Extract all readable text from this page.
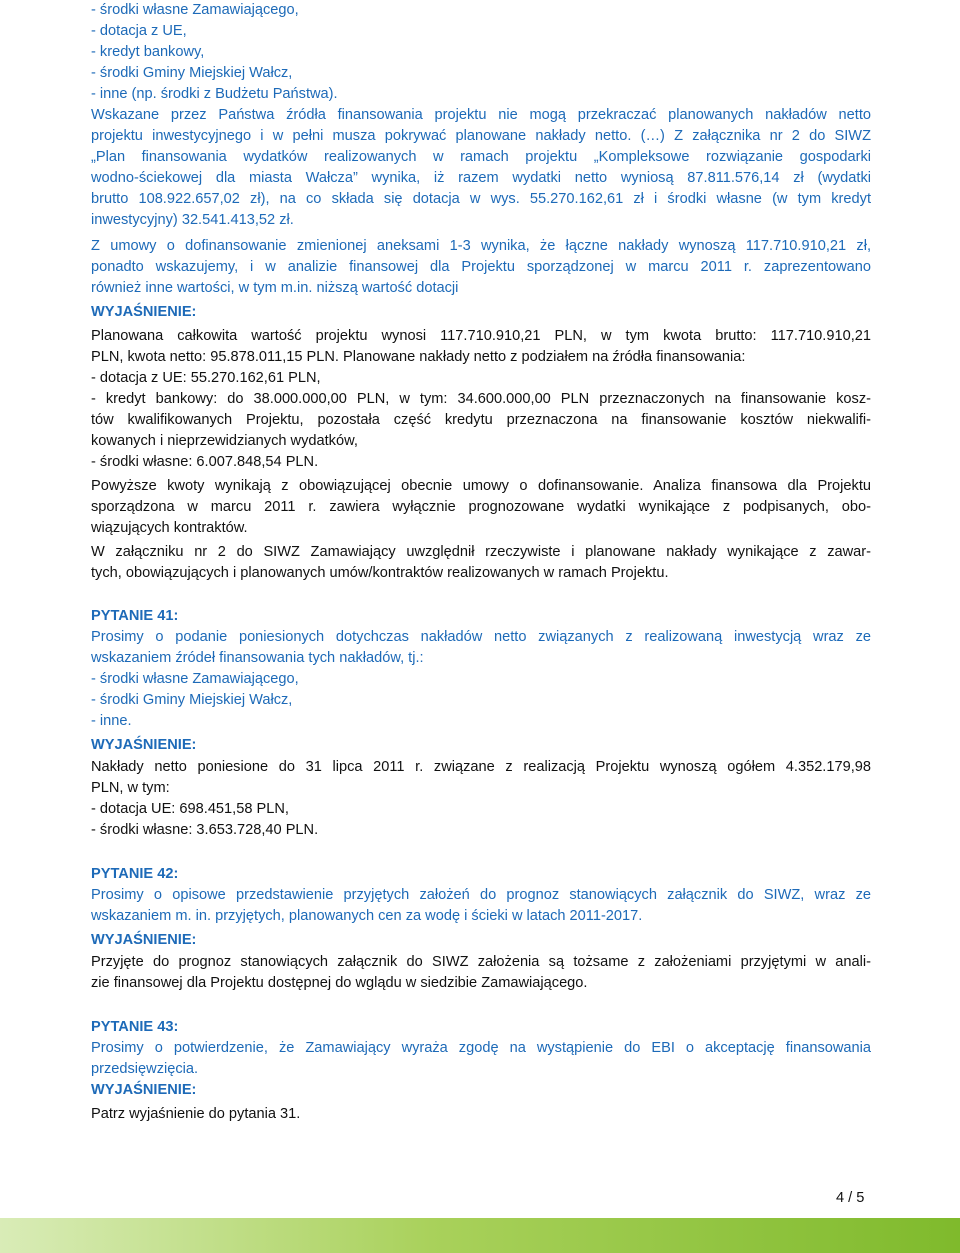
- środki własne Zamawiającego,
- dotacja z UE,
- kredyt bankowy,
- środki Gminy Miejskiej Wałcz,
- inne (np. środki z Budżetu Państwa).
Wskazane przez Państwa źródła finansowania projektu nie mogą przekraczać planowanych nakładów netto
projektu inwestycyjnego i w pełni musza pokrywać planowane nakłady netto. (…) Z załącznika nr 2 do SIWZ
„Plan finansowania wydatków realizowanych w ramach projektu „Kompleksowe rozwiązanie gospodarki
wodno-ściekowej dla miasta Wałcza” wynika, iż razem wydatki netto wyniosą 87.811.576,14 zł (wydatki
brutto 108.922.657,02 zł), na co składa się dotacja w wys. 55.270.162,61 zł i środki własne (w tym kredyt
inwestycyjny) 32.541.413,52 zł.
Z umowy o dofinansowanie zmienionej aneksami 1-3 wynika, że łączne nakłady wynoszą 117.710.910,21 zł,
ponadto wskazujemy, i w analizie finansowej dla Projektu sporządzonej w marcu 2011 r. zaprezentowano
również inne wartości, w tym m.in. niższą wartość dotacji
WYJAŚNIENIE:
Planowana całkowita wartość projektu wynosi 117.710.910,21 PLN, w tym kwota brutto: 117.710.910,21
PLN, kwota netto: 95.878.011,15 PLN. Planowane nakłady netto z podziałem na źródła finansowania:
- dotacja z UE: 55.270.162,61 PLN,
- kredyt bankowy: do 38.000.000,00 PLN, w tym: 34.600.000,00 PLN przeznaczonych na finansowanie kosz-
tów kwalifikowanych Projektu, pozostała część kredytu przeznaczona na finansowanie kosztów niekwalifi-
kowanych i nieprzewidzianych wydatków,
- środki własne: 6.007.848,54 PLN.
Powyższe kwoty wynikają z obowiązującej obecnie umowy o dofinansowanie. Analiza finansowa dla Projektu
sporządzona w marcu 2011 r. zawiera wyłącznie prognozowane wydatki wynikające z podpisanych, obo-
wiązujących kontraktów.
W załączniku nr 2 do SIWZ Zamawiający uwzględnił rzeczywiste i planowane nakłady wynikające z zawar-
tych, obowiązujących i planowanych umów/kontraktów realizowanych w ramach Projektu.
PYTANIE 41:
Prosimy o podanie poniesionych dotychczas nakładów netto związanych z realizowaną inwestycją wraz ze
wskazaniem źródeł finansowania tych nakładów, tj.:
- środki własne Zamawiającego,
- środki Gminy Miejskiej Wałcz,
- inne.
WYJAŚNIENIE:
Nakłady netto poniesione do 31 lipca 2011 r. związane z realizacją Projektu wynoszą ogółem 4.352.179,98
PLN, w tym:
- dotacja UE: 698.451,58 PLN,
- środki własne: 3.653.728,40 PLN.
PYTANIE 42:
Prosimy o opisowe przedstawienie przyjętych założeń do prognoz stanowiących załącznik do SIWZ, wraz ze
wskazaniem m. in. przyjętych, planowanych cen za wodę i ścieki w latach 2011-2017.
WYJAŚNIENIE:
Przyjęte do prognoz stanowiących załącznik do SIWZ założenia są tożsame z założeniami przyjętymi w anali-
zie finansowej dla Projektu dostępnej do wglądu w siedzibie Zamawiającego.
PYTANIE 43:
Prosimy o potwierdzenie, że Zamawiający wyraża zgodę na wystąpienie do EBI o akceptację finansowania
przedsięwzięcia.
WYJAŚNIENIE:
Patrz wyjaśnienie do pytania 31.
4 / 5
